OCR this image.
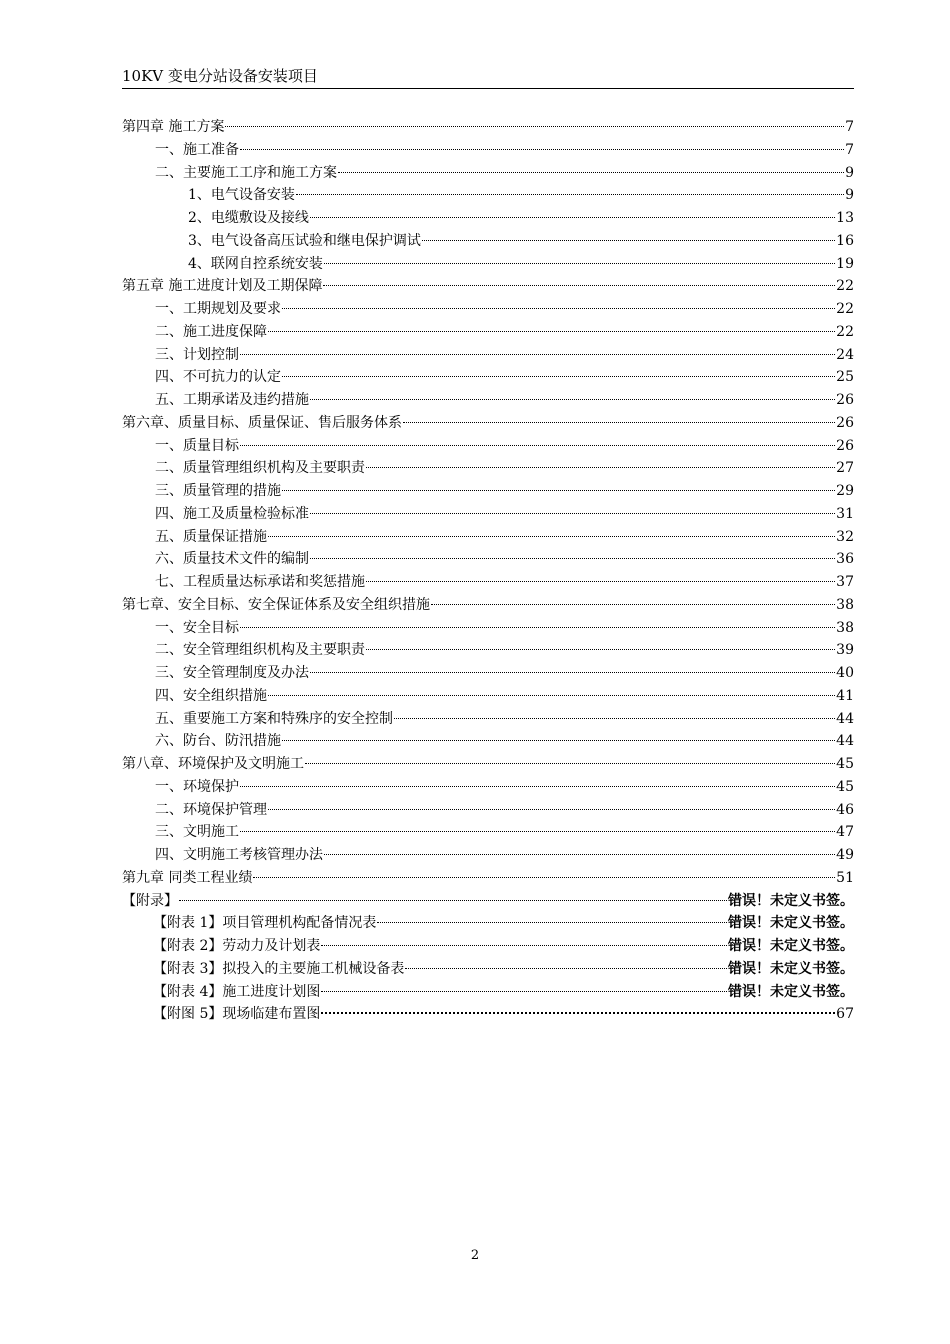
10KV 变电分站设备安装项目
第四章 施工方案	7
一、施工准备	7
二、主要施工工序和施工方案	9
1、电气设备安装	9
2、电缆敷设及接线	13
3、电气设备高压试验和继电保护调试	16
4、联网自控系统安装	19
第五章 施工进度计划及工期保障	22
一、工期规划及要求	22
二、施工进度保障	22
三、计划控制	24
四、不可抗力的认定	25
五、工期承诺及违约措施	26
第六章、质量目标、质量保证、售后服务体系	26
一、质量目标	26
二、质量管理组织机构及主要职责	27
三、质量管理的措施	29
四、施工及质量检验标准	31
五、质量保证措施	32
六、质量技术文件的编制	36
七、工程质量达标承诺和奖惩措施	37
第七章、安全目标、安全保证体系及安全组织措施	38
一、安全目标	38
二、安全管理组织机构及主要职责	39
三、安全管理制度及办法	40
四、安全组织措施	41
五、重要施工方案和特殊序的安全控制	44
六、防台、防汛措施	44
第八章、环境保护及文明施工	45
一、环境保护	45
二、环境保护管理	46
三、文明施工	47
四、文明施工考核管理办法	49
第九章 同类工程业绩	51
【附录】	错误！未定义书签。
【附表 1】项目管理机构配备情况表	错误！未定义书签。
【附表 2】劳动力及计划表	错误！未定义书签。
【附表 3】拟投入的主要施工机械设备表	错误！未定义书签。
【附表 4】施工进度计划图	错误！未定义书签。
【附图 5】现场临建布置图	67
2
